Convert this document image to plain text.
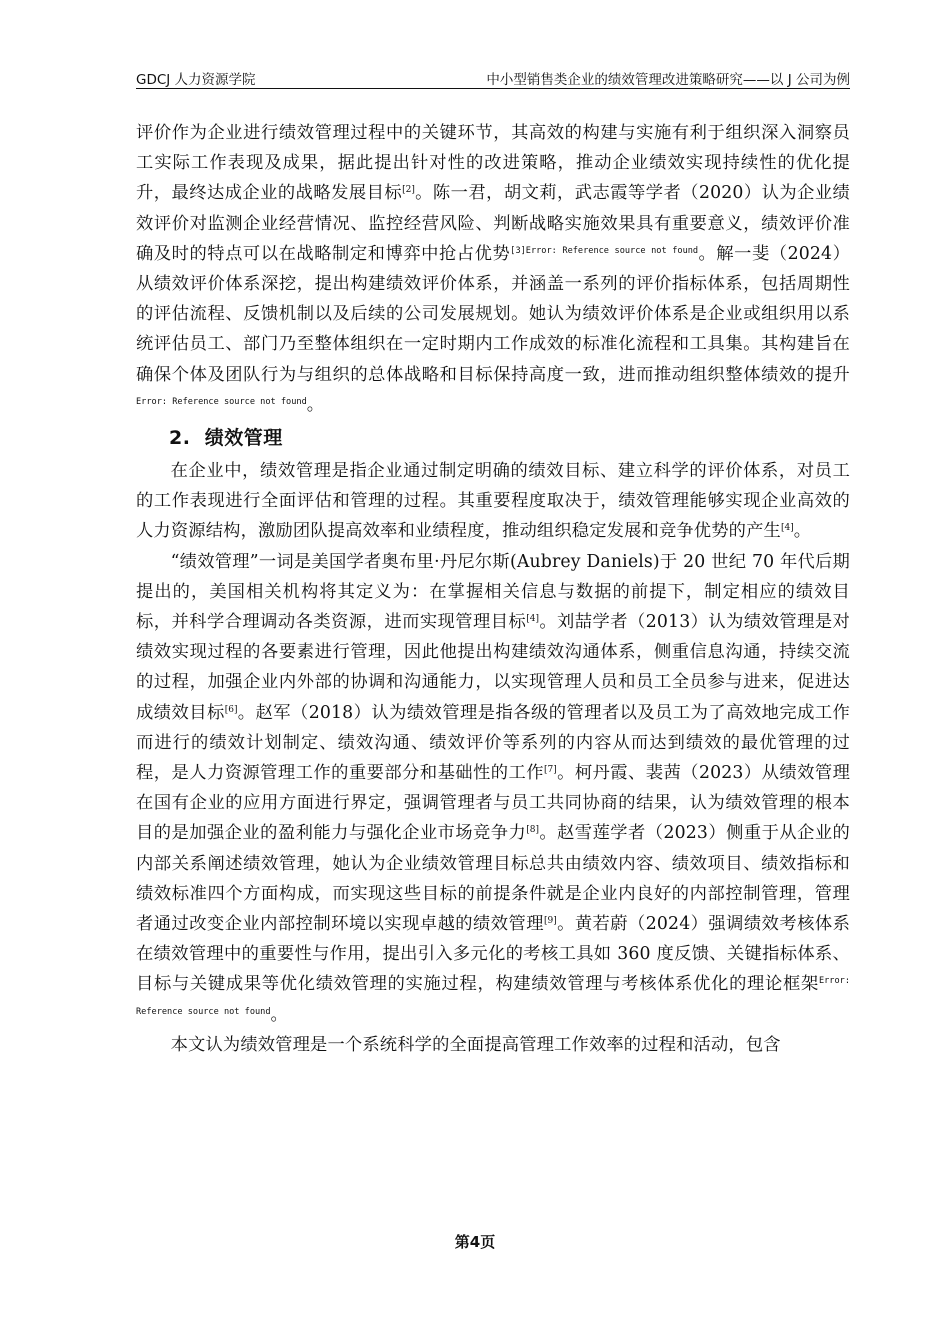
GDCJ 人力资源学院	中小型销售类企业的绩效管理改进策略研究——以 J 公司为例

评价作为企业进行绩效管理过程中的关键环节，其高效的构建与实施有利于组织深入洞察员工实际工作表现及成果，据此提出针对性的改进策略，推动企业绩效实现持续性的优化提升，最终达成企业的战略发展目标[2]。陈一君，胡文莉，武志霞等学者（2020）认为企业绩效评价对监测企业经营情况、监控经营风险、判断战略实施效果具有重要意义，绩效评价准确及时的特点可以在战略制定和博弈中抢占优势$^{[3]Error: Reference source not found}$。解一斐（2024）从绩效评价体系深挖，提出构建绩效评价体系，并涵盖一系列的评价指标体系，包括周期性的评估流程、反馈机制以及后续的公司发展规划。她认为绩效评价体系是企业或组织用以系统评估员工、部门乃至整体组织在一定时期内工作成效的标准化流程和工具集。其构建旨在确保个体及团队行为与组织的总体战略和目标保持高度一致，进而推动组织整体绩效的提升$^{Error: Reference source not found}$。

2. 绩效管理

在企业中，绩效管理是指企业通过制定明确的绩效目标、建立科学的评价体系，对员工的工作表现进行全面评估和管理的过程。其重要程度取决于，绩效管理能够实现企业高效的人力资源结构，激励团队提高效率和业绩程度，推动组织稳定发展和竞争优势的产生[4]。

“绩效管理”一词是美国学者奥布里·丹尼尔斯(Aubrey Daniels)于 20 世纪 70 年代后期提出的，美国相关机构将其定义为：在掌握相关信息与数据的前提下，制定相应的绩效目标，并科学合理调动各类资源，进而实现管理目标[4]。刘喆学者（2013）认为绩效管理是对绩效实现过程的各要素进行管理，因此他提出构建绩效沟通体系，侧重信息沟通，持续交流的过程，加强企业内外部的协调和沟通能力，以实现管理人员和员工全员参与进来，促进达成绩效目标[6]。赵军（2018）认为绩效管理是指各级的管理者以及员工为了高效地完成工作而进行的绩效计划制定、绩效沟通、绩效评价等系列的内容从而达到绩效的最优管理的过程，是人力资源管理工作的重要部分和基础性的工作[7]。柯丹霞、裴茜（2023）从绩效管理在国有企业的应用方面进行界定，强调管理者与员工共同协商的结果，认为绩效管理的根本目的是加强企业的盈利能力与强化企业市场竞争力[8]。赵雪莲学者（2023）侧重于从企业的内部关系阐述绩效管理，她认为企业绩效管理目标总共由绩效内容、绩效项目、绩效指标和绩效标准四个方面构成，而实现这些目标的前提条件就是企业内良好的内部控制管理，管理者通过改变企业内部控制环境以实现卓越的绩效管理[9]。黄若蔚（2024）强调绩效考核体系在绩效管理中的重要性与作用，提出引入多元化的考核工具如 360 度反馈、关键指标体系、目标与关键成果等优化绩效管理的实施过程，构建绩效管理与考核体系优化的理论框架$^{Error: Reference source not found}$。

本文认为绩效管理是一个系统科学的全面提高管理工作效率的过程和活动，包含

第4页
